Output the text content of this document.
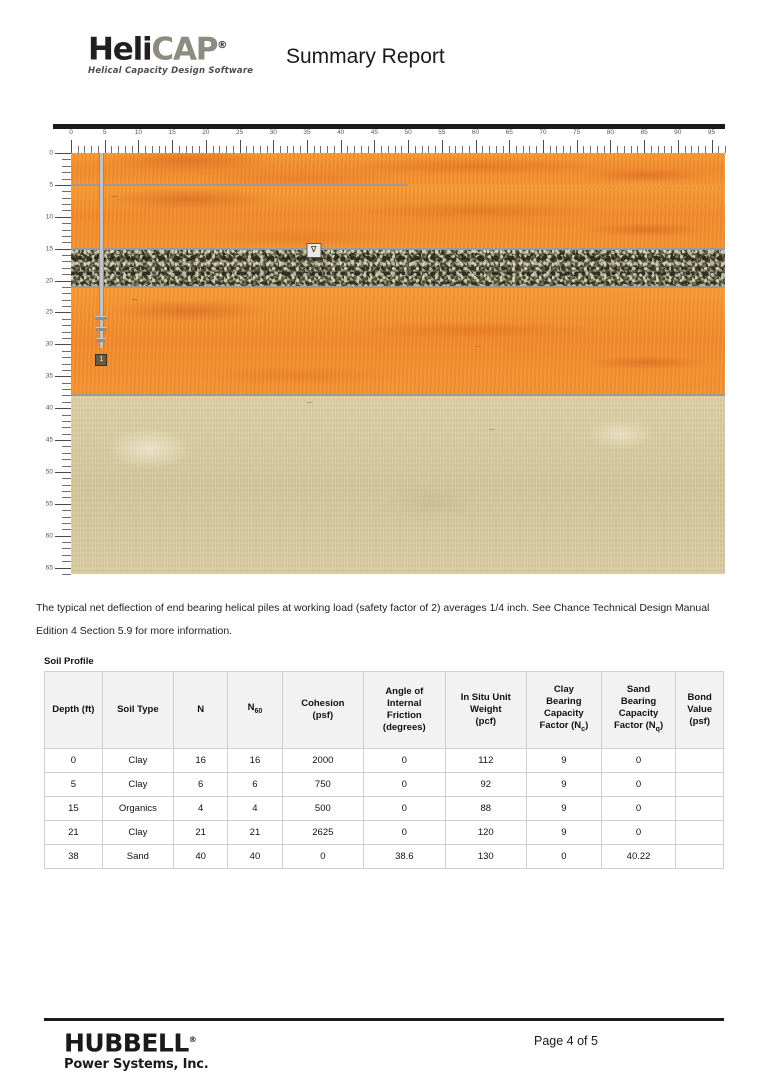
HeliCAP®
Helical Capacity Design Software
Summary Report
0	5	10	15	20	25	30	35	40	45	50	55	60	65	70	75	80	85	90	95
0
5
10
15
20
25
30
35
40
45
50
55
60
65
—
—
—
—
—
—
1
∇
The typical net deflection of end bearing helical piles at working load (safety factor of 2) averages 1/4 inch. See Chance Technical Design Manual Edition 4 Section 5.9 for more information.
Soil Profile
Depth (ft)	Soil Type	N	$N_{60}$	Cohesion
(psf)	Angle of
Internal
Friction
(degrees)	In Situ Unit
Weight
(pcf)	Clay
Bearing
Capacity
Factor $(N_c)$	Sand
Bearing
Capacity
Factor $(N_q)$	Bond
Value (psf)
0	Clay	16	16	2000	0	112	9	0	
5	Clay	6	6	750	0	92	9	0	
15	Organics	4	4	500	0	88	9	0	
21	Clay	21	21	2625	0	120	9	0	
38	Sand	40	40	0	38.6	130	0	40.22	
HUBBELL®
Power Systems, Inc.
Page 4 of 5
